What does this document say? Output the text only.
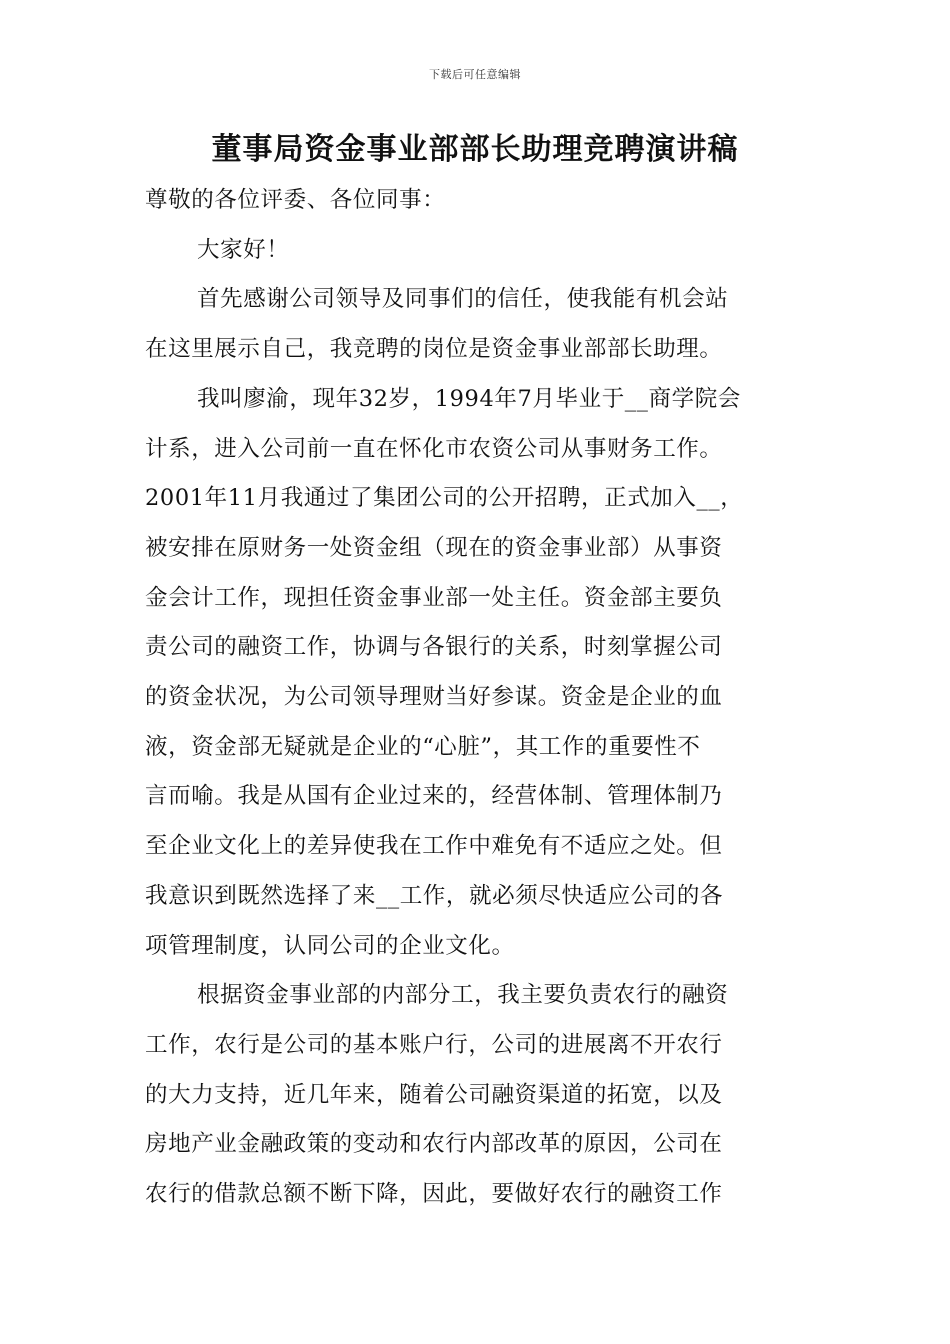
下载后可任意编辑
董事局资金事业部部长助理竞聘演讲稿

尊敬的各位评委、各位同事：

大家好！

首先感谢公司领导及同事们的信任，使我能有机会站
在这里展示自己，我竞聘的岗位是资金事业部部长助理。

我叫廖渝，现年32岁，1994年7月毕业于__商学院会
计系，进入公司前一直在怀化市农资公司从事财务工作。
2001年11月我通过了集团公司的公开招聘，正式加入__，
被安排在原财务一处资金组（现在的资金事业部）从事资
金会计工作，现担任资金事业部一处主任。资金部主要负
责公司的融资工作，协调与各银行的关系，时刻掌握公司
的资金状况，为公司领导理财当好参谋。资金是企业的血
液，资金部无疑就是企业的“心脏”，其工作的重要性不
言而喻。我是从国有企业过来的，经营体制、管理体制乃
至企业文化上的差异使我在工作中难免有不适应之处。但
我意识到既然选择了来__工作，就必须尽快适应公司的各
项管理制度，认同公司的企业文化。

根据资金事业部的内部分工，我主要负责农行的融资
工作，农行是公司的基本账户行，公司的进展离不开农行
的大力支持，近几年来，随着公司融资渠道的拓宽，以及
房地产业金融政策的变动和农行内部改革的原因，公司在
农行的借款总额不断下降，因此，要做好农行的融资工作
